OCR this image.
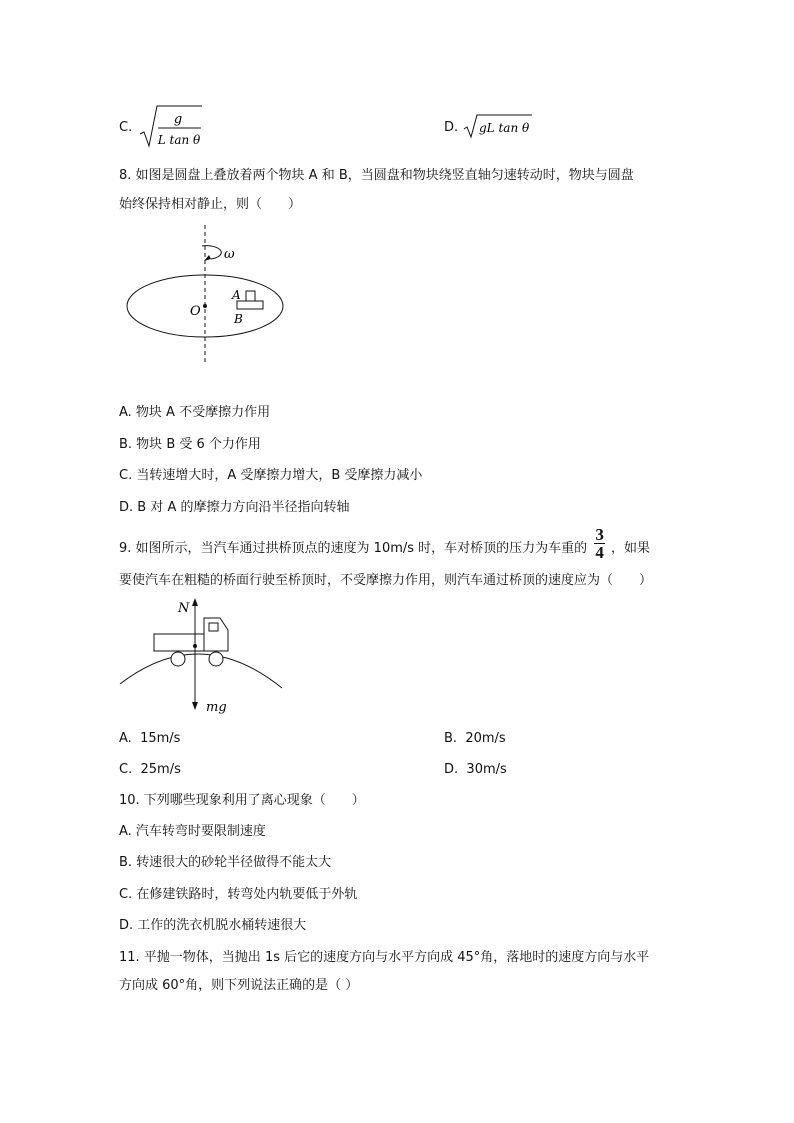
C.
g
L tan θ
D. gL tan θ
8. 如图是圆盘上叠放着两个物块 A 和 B，当圆盘和物块绕竖直轴匀速转动时，物块与圆盘
始终保持相对静止，则（　　）
ω
O
A
B
A. 物块 A 不受摩擦力作用
B. 物块 B 受 6 个力作用
C. 当转速增大时，A 受摩擦力增大，B 受摩擦力减小
D. B 对 A 的摩擦力方向沿半径指向转轴
9. 如图所示，当汽车通过拱桥顶点的速度为 10m/s 时，车对桥顶的压力为车重的 $\frac{3}{4}$ ，如果
要使汽车在粗糙的桥面行驶至桥顶时，不受摩擦力作用，则汽车通过桥顶的速度应为（　　）
N
mg
A. 15m/s	B. 20m/s
C. 25m/s	D. 30m/s
10. 下列哪些现象利用了离心现象（　　）
A. 汽车转弯时要限制速度
B. 转速很大的砂轮半径做得不能太大
C. 在修建铁路时，转弯处内轨要低于外轨
D. 工作的洗衣机脱水桶转速很大
11. 平抛一物体，当抛出 1s 后它的速度方向与水平方向成 45°角，落地时的速度方向与水平
方向成 60°角，则下列说法正确的是（ ）
